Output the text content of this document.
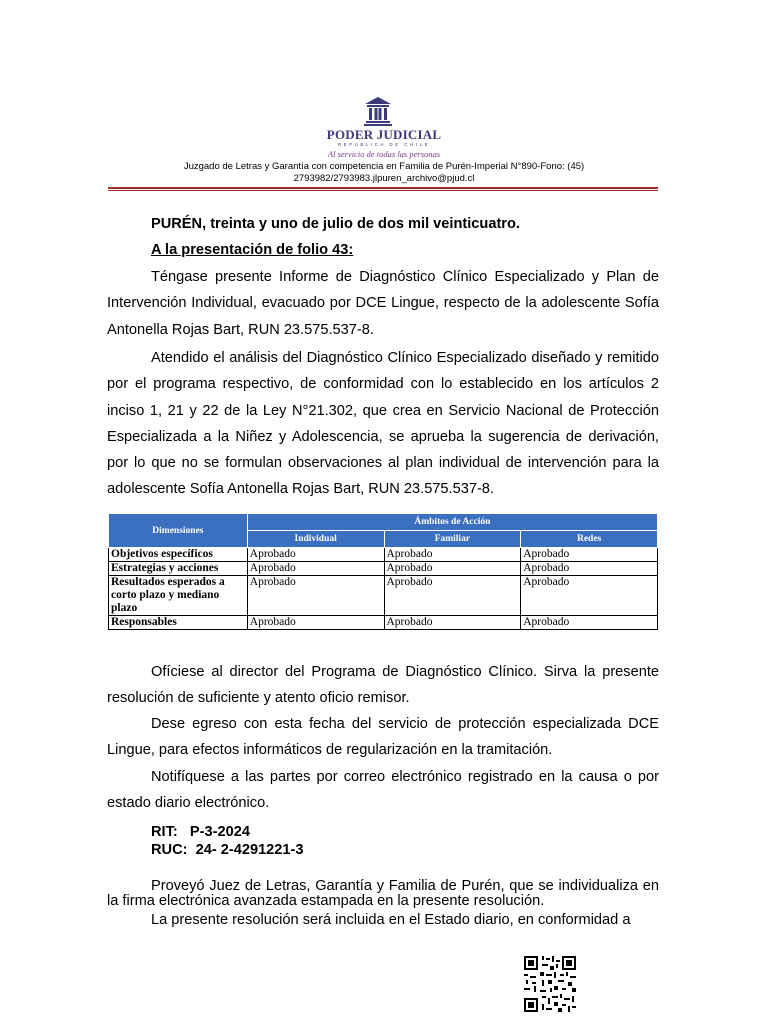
PODER JUDICIAL
REPÚBLICA DE CHILE
Al servicio de todas las personas
Juzgado de Letras y Garantía con competencia en Familia de Purén-Imperial N°890-Fono: (45)
2793982/2793983.jlpuren_archivo@pjud.cl
PURÉN, treinta y uno de julio de dos mil veinticuatro.
A la presentación de folio 43:
Téngase presente Informe de Diagnóstico Clínico Especializado y Plan de Intervención Individual, evacuado por DCE Lingue, respecto de la adolescente Sofía Antonella Rojas Bart, RUN 23.575.537-8.
Atendido el análisis del Diagnóstico Clínico Especializado diseñado y remitido por el programa respectivo, de conformidad con lo establecido en los artículos 2 inciso 1, 21 y 22 de la Ley N°21.302, que crea en Servicio Nacional de Protección Especializada a la Niñez y Adolescencia, se aprueba la sugerencia de derivación, por lo que no se formulan observaciones al plan individual de intervención para la adolescente Sofía Antonella Rojas Bart, RUN 23.575.537-8.
Dimensiones	Ámbitos de Acción		
	Individual	Familiar	Redes
Objetivos específicos	Aprobado	Aprobado	Aprobado
Estrategias y acciones	Aprobado	Aprobado	Aprobado
Resultados esperados a corto plazo y mediano plazo	Aprobado	Aprobado	Aprobado
Responsables	Aprobado	Aprobado	Aprobado
Ofíciese al director del Programa de Diagnóstico Clínico. Sirva la presente resolución de suficiente y atento oficio remisor.
Dese egreso con esta fecha del servicio de protección especializada DCE Lingue, para efectos informáticos de regularización en la tramitación.
Notifíquese a las partes por correo electrónico registrado en la causa o por estado diario electrónico.
RIT: P-3-2024
RUC: 24- 2-4291221-3
Proveyó Juez de Letras, Garantía y Familia de Purén, que se individualiza en la firma electrónica avanzada estampada en la presente resolución.
La presente resolución será incluida en el Estado diario, en conformidad a
